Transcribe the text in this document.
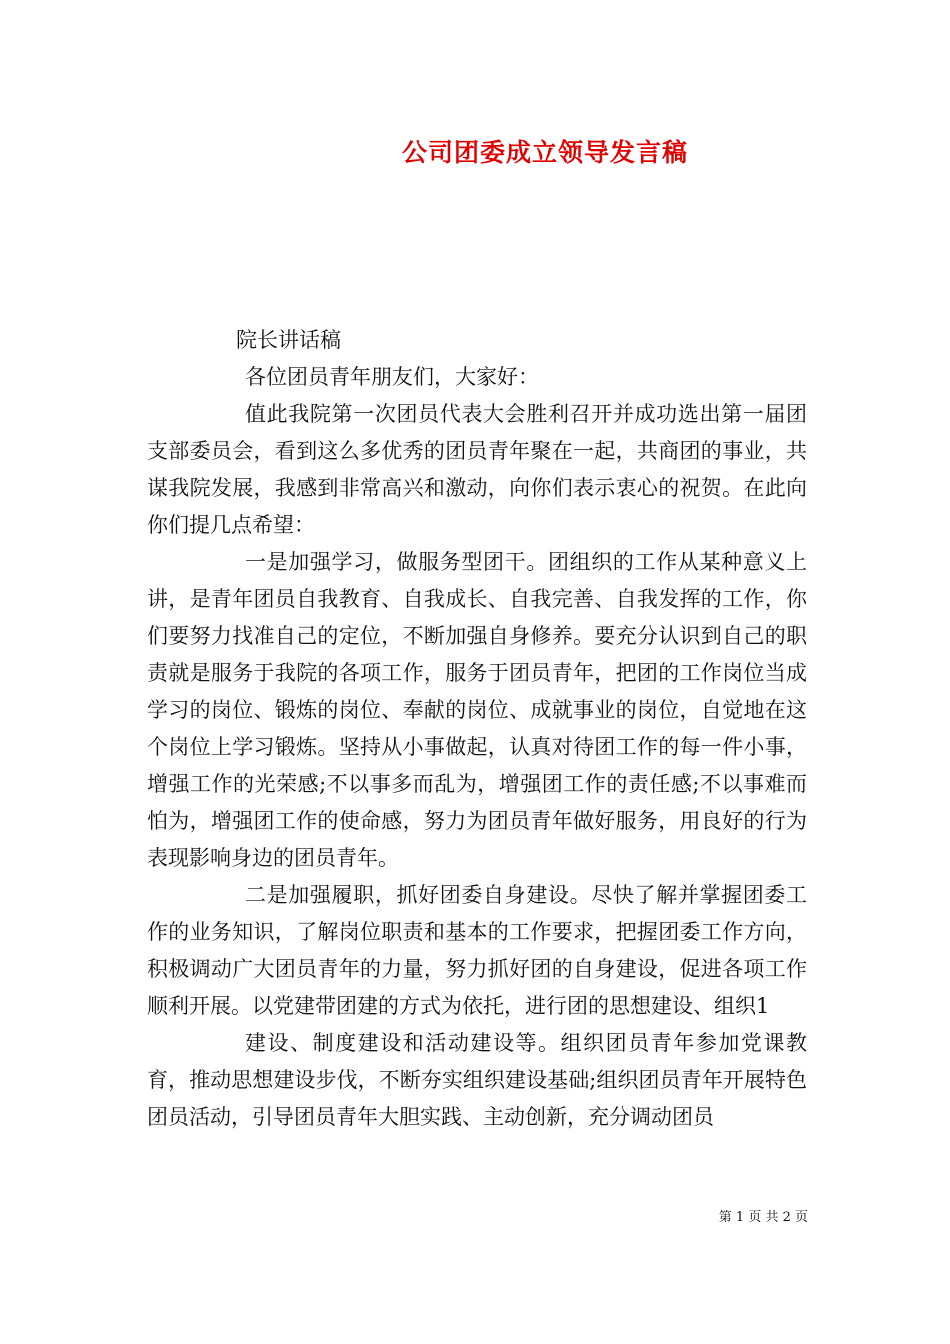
公司团委成立领导发言稿

院长讲话稿

各位团员青年朋友们，大家好：

值此我院第一次团员代表大会胜利召开并成功选出第一届团支部委员会，看到这么多优秀的团员青年聚在一起，共商团的事业，共谋我院发展，我感到非常高兴和激动，向你们表示衷心的祝贺。在此向你们提几点希望：

一是加强学习，做服务型团干。团组织的工作从某种意义上讲，是青年团员自我教育、自我成长、自我完善、自我发挥的工作，你们要努力找准自己的定位，不断加强自身修养。要充分认识到自己的职责就是服务于我院的各项工作，服务于团员青年，把团的工作岗位当成学习的岗位、锻炼的岗位、奉献的岗位、成就事业的岗位，自觉地在这个岗位上学习锻炼。坚持从小事做起，认真对待团工作的每一件小事，增强工作的光荣感;不以事多而乱为，增强团工作的责任感;不以事难而怕为，增强团工作的使命感，努力为团员青年做好服务，用良好的行为表现影响身边的团员青年。

二是加强履职，抓好团委自身建设。尽快了解并掌握团委工作的业务知识，了解岗位职责和基本的工作要求，把握团委工作方向，积极调动广大团员青年的力量，努力抓好团的自身建设，促进各项工作顺利开展。以党建带团建的方式为依托，进行团的思想建设、组织1

建设、制度建设和活动建设等。组织团员青年参加党课教育，推动思想建设步伐，不断夯实组织建设基础;组织团员青年开展特色团员活动，引导团员青年大胆实践、主动创新，充分调动团员

第 1 页 共 2 页
